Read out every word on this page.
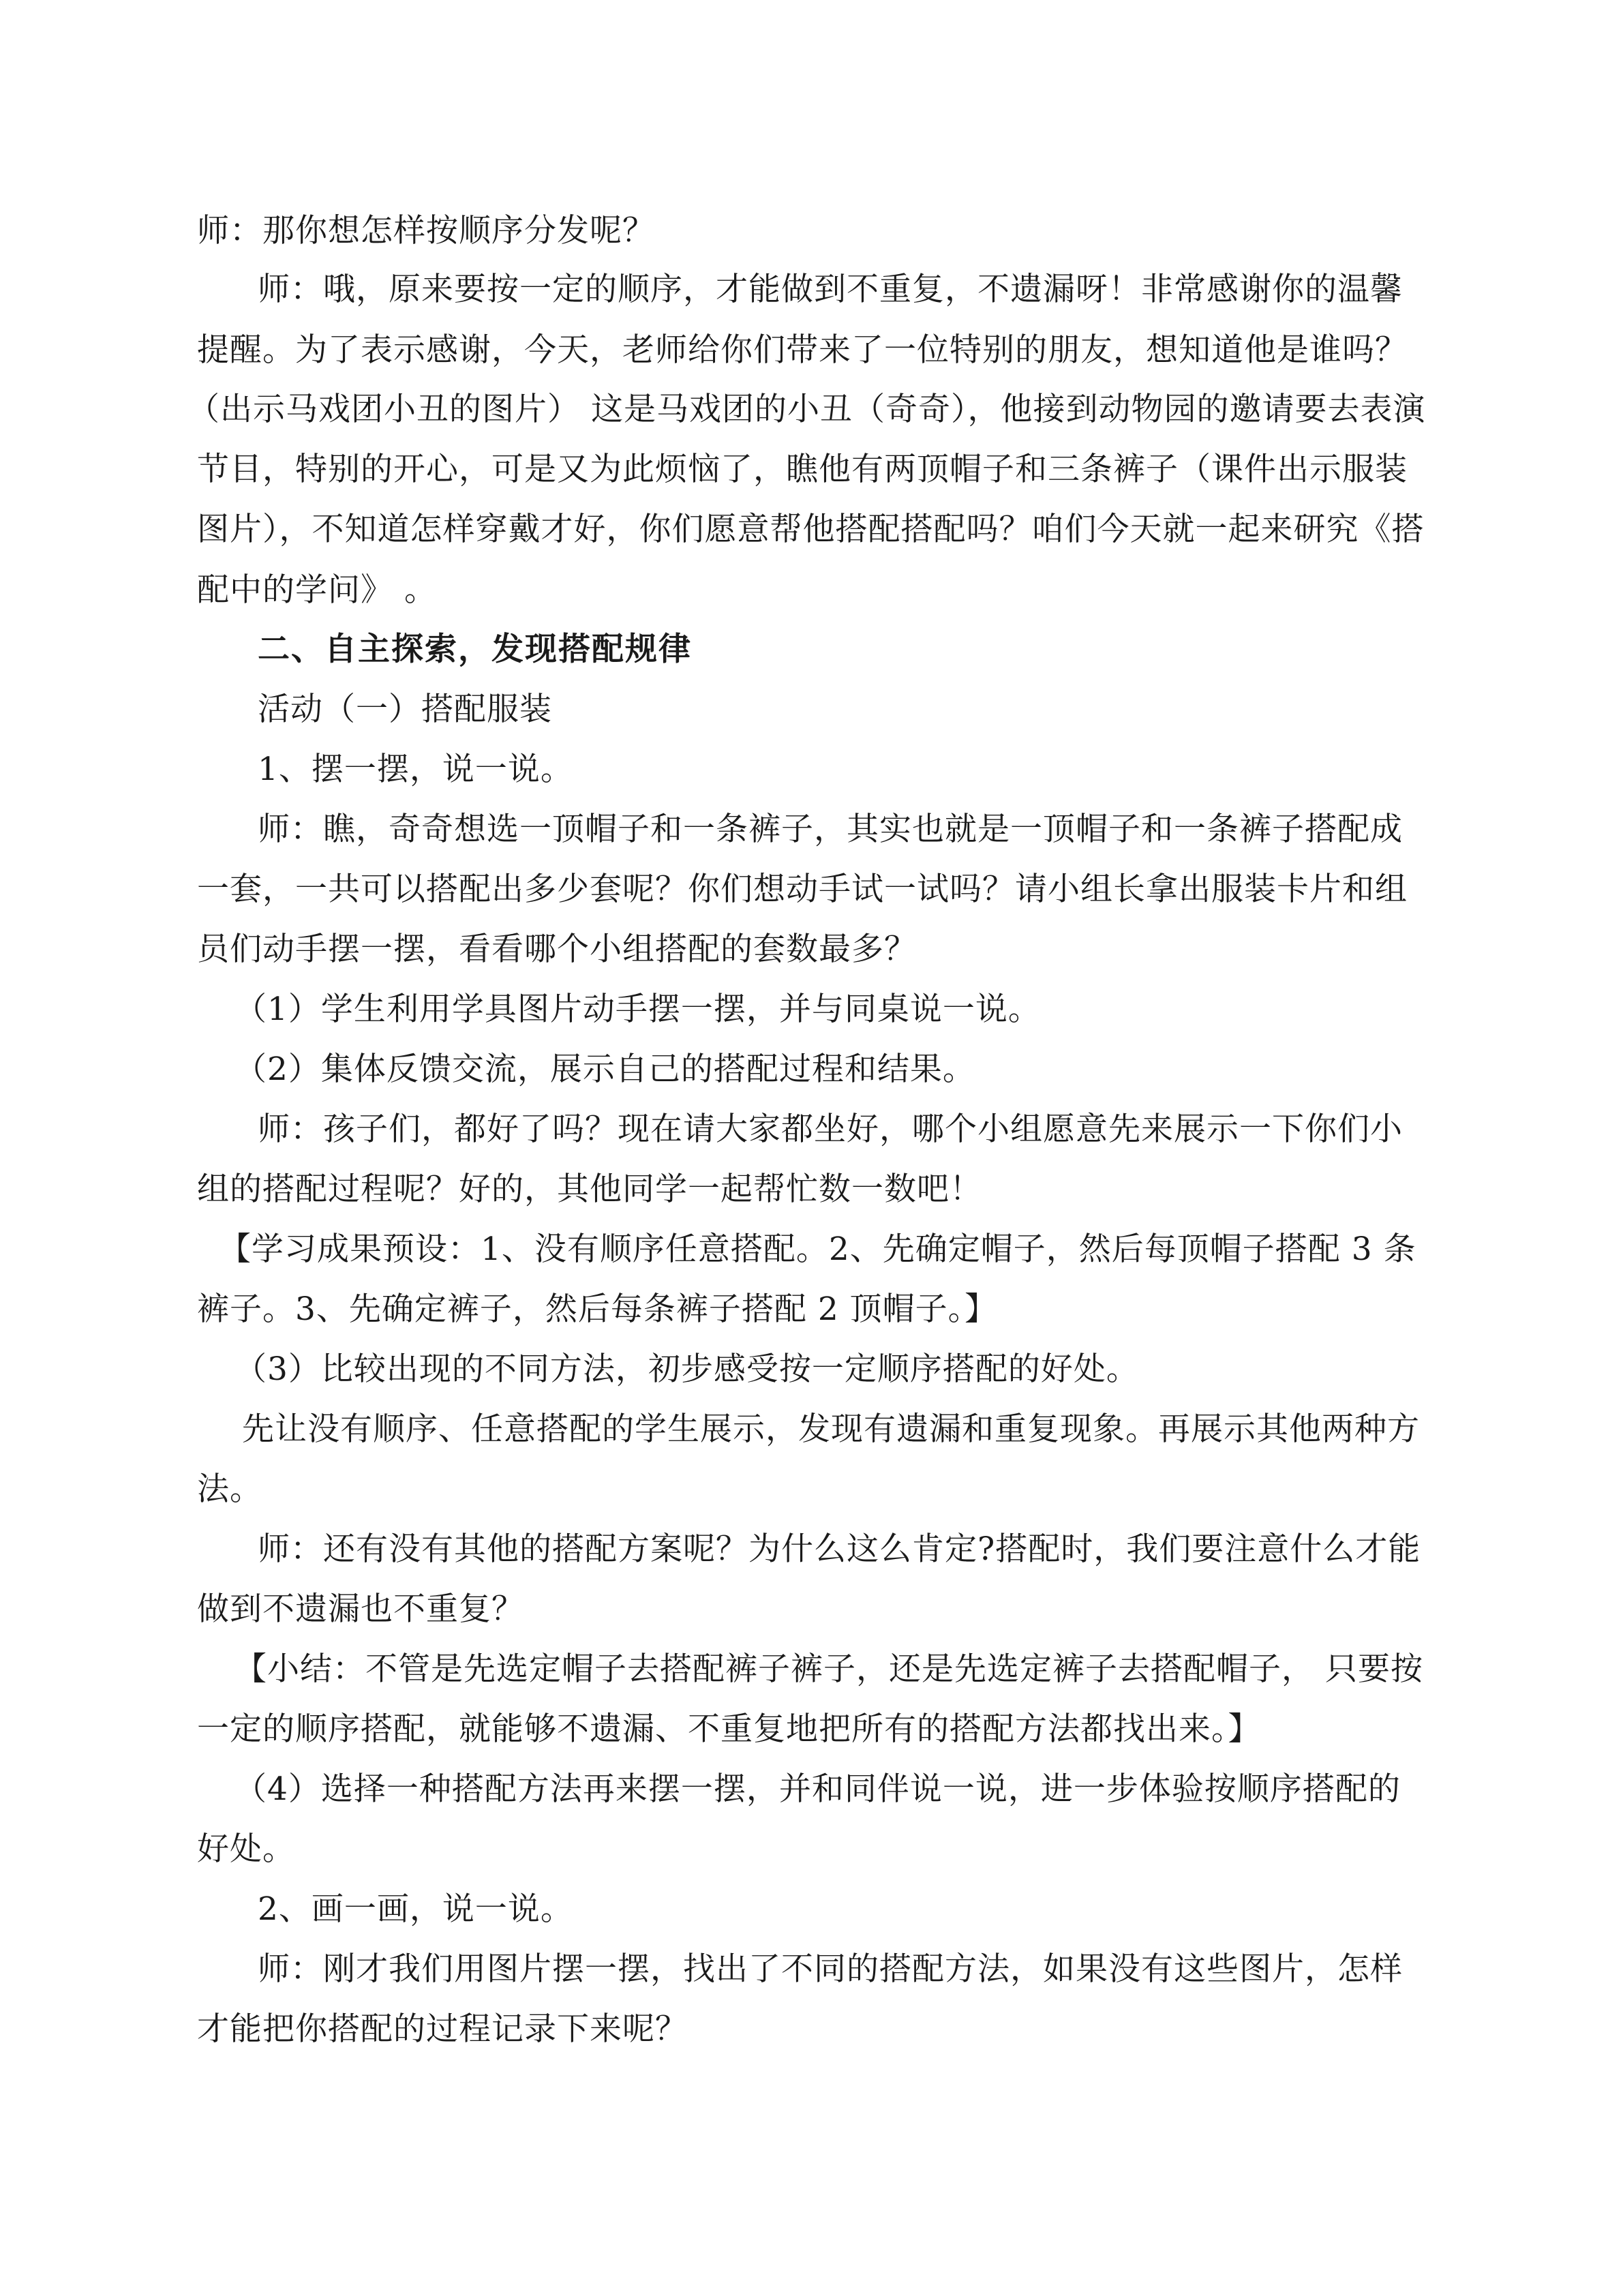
师：那你想怎样按顺序分发呢？

师：哦，原来要按一定的顺序，才能做到不重复，不遗漏呀！非常感谢你的温馨

提醒。为了表示感谢，今天，老师给你们带来了一位特别的朋友，想知道他是谁吗？

（出示马戏团小丑的图片） 这是马戏团的小丑（奇奇），他接到动物园的邀请要去表演

节目，特别的开心，可是又为此烦恼了，瞧他有两顶帽子和三条裤子（课件出示服装

图片），不知道怎样穿戴才好，你们愿意帮他搭配搭配吗？咱们今天就一起来研究《搭

配中的学问》 。

二、自主探索，发现搭配规律

活动（一）搭配服装

1、摆一摆，说一说。

师：瞧，奇奇想选一顶帽子和一条裤子，其实也就是一顶帽子和一条裤子搭配成

一套，一共可以搭配出多少套呢？你们想动手试一试吗？请小组长拿出服装卡片和组

员们动手摆一摆，看看哪个小组搭配的套数最多？

（1）学生利用学具图片动手摆一摆，并与同桌说一说。

（2）集体反馈交流，展示自己的搭配过程和结果。

师：孩子们，都好了吗？现在请大家都坐好，哪个小组愿意先来展示一下你们小

组的搭配过程呢？好的，其他同学一起帮忙数一数吧！

【学习成果预设：1、没有顺序任意搭配。2、先确定帽子，然后每顶帽子搭配 3 条

裤子。3、先确定裤子，然后每条裤子搭配 2 顶帽子。】

（3）比较出现的不同方法，初步感受按一定顺序搭配的好处。

先让没有顺序、任意搭配的学生展示，发现有遗漏和重复现象。再展示其他两种方

法。

师：还有没有其他的搭配方案呢？为什么这么肯定?搭配时，我们要注意什么才能

做到不遗漏也不重复？

【小结：不管是先选定帽子去搭配裤子裤子，还是先选定裤子去搭配帽子， 只要按

一定的顺序搭配，就能够不遗漏、不重复地把所有的搭配方法都找出来。】

（4）选择一种搭配方法再来摆一摆，并和同伴说一说，进一步体验按顺序搭配的

好处。

2、画一画，说一说。

师：刚才我们用图片摆一摆，找出了不同的搭配方法，如果没有这些图片，怎样

才能把你搭配的过程记录下来呢？
